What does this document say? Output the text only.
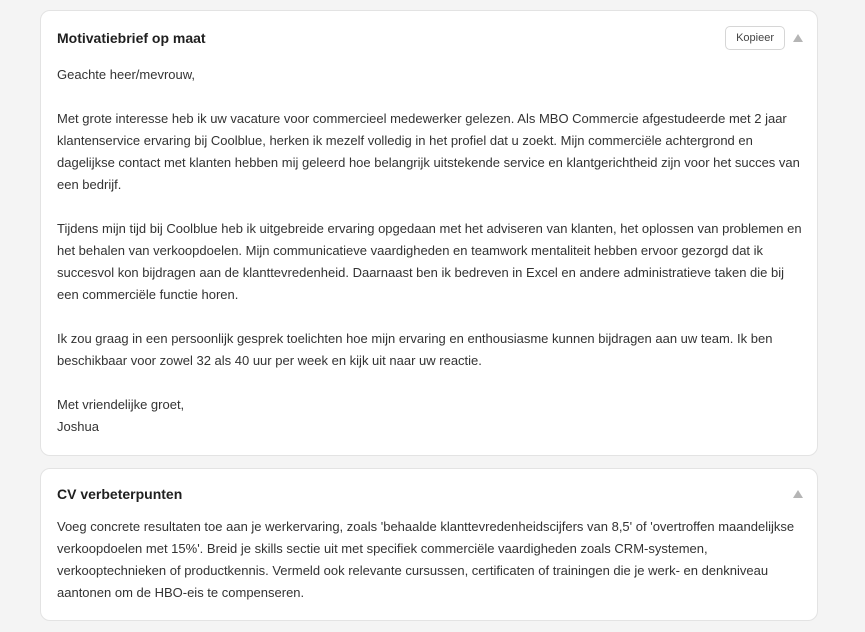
Motivatiebrief op maat	Kopieer

Geachte heer/mevrouw,

Met grote interesse heb ik uw vacature voor commercieel medewerker gelezen. Als MBO Commercie afgestudeerde met 2 jaar klantenservice ervaring bij Coolblue, herken ik mezelf volledig in het profiel dat u zoekt. Mijn commerciële achtergrond en dagelijkse contact met klanten hebben mij geleerd hoe belangrijk uitstekende service en klantgerichtheid zijn voor het succes van een bedrijf.

Tijdens mijn tijd bij Coolblue heb ik uitgebreide ervaring opgedaan met het adviseren van klanten, het oplossen van problemen en het behalen van verkoopdoelen. Mijn communicatieve vaardigheden en teamwork mentaliteit hebben ervoor gezorgd dat ik succesvol kon bijdragen aan de klanttevredenheid. Daarnaast ben ik bedreven in Excel en andere administratieve taken die bij een commerciële functie horen.

Ik zou graag in een persoonlijk gesprek toelichten hoe mijn ervaring en enthousiasme kunnen bijdragen aan uw team. Ik ben beschikbaar voor zowel 32 als 40 uur per week en kijk uit naar uw reactie.

Met vriendelijke groet,

Joshua

CV verbeterpunten

Voeg concrete resultaten toe aan je werkervaring, zoals 'behaalde klanttevredenheidscijfers van 8,5' of 'overtroffen maandelijkse verkoopdoelen met 15%'. Breid je skills sectie uit met specifiek commerciële vaardigheden zoals CRM-systemen, verkooptechnieken of productkennis. Vermeld ook relevante cursussen, certificaten of trainingen die je werk- en denkniveau aantonen om de HBO-eis te compenseren.
